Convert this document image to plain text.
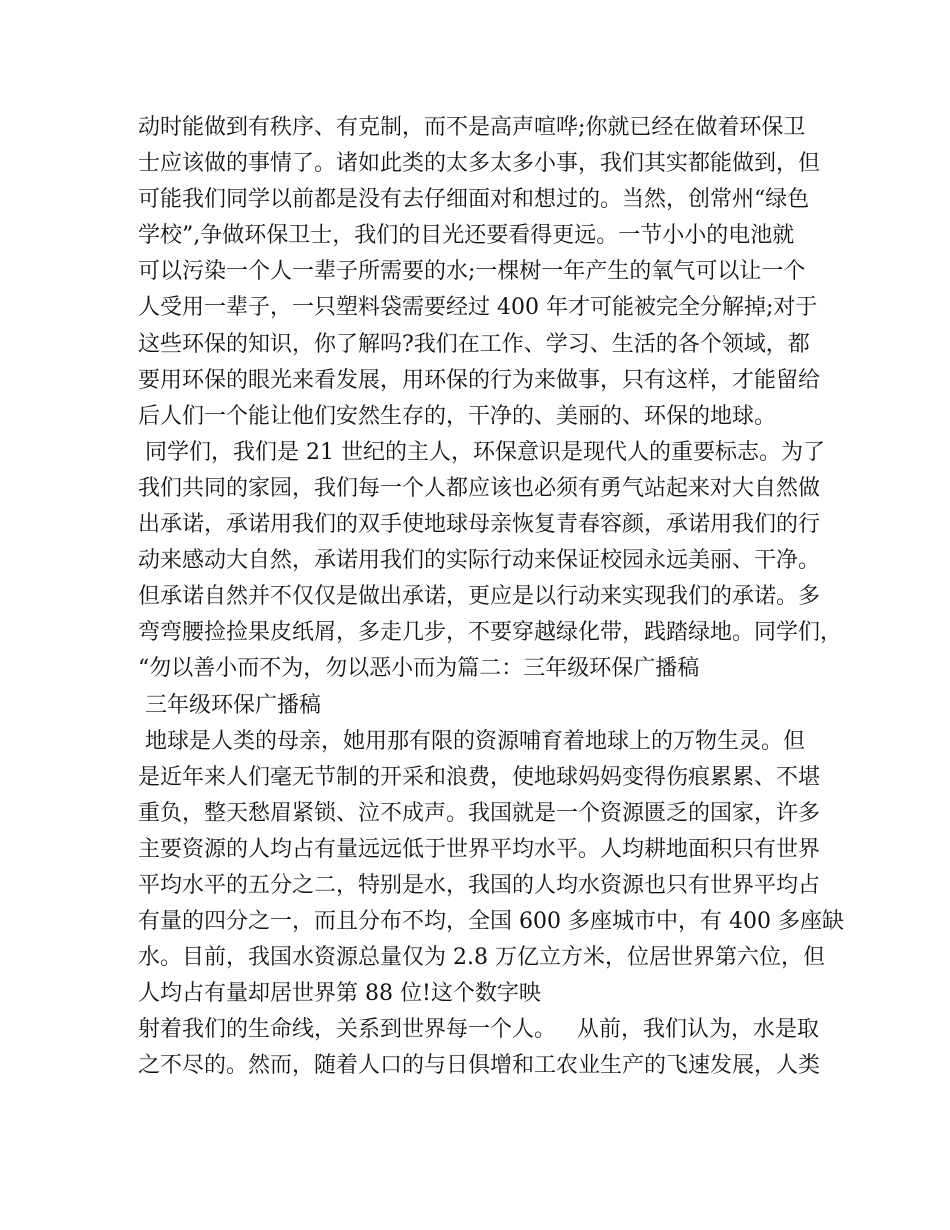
动时能做到有秩序、有克制，而不是高声喧哗;你就已经在做着环保卫
士应该做的事情了。诸如此类的太多太多小事，我们其实都能做到，但
可能我们同学以前都是没有去仔细面对和想过的。当然，创常州“绿色
学校”,争做环保卫士，我们的目光还要看得更远。一节小小的电池就
可以污染一个人一辈子所需要的水;一棵树一年产生的氧气可以让一个
人受用一辈子，一只塑料袋需要经过 400 年才可能被完全分解掉;对于
这些环保的知识，你了解吗?我们在工作、学习、生活的各个领域，都
要用环保的眼光来看发展，用环保的行为来做事，只有这样，才能留给
后人们一个能让他们安然生存的，干净的、美丽的、环保的地球。
同学们，我们是 21 世纪的主人，环保意识是现代人的重要标志。为了
我们共同的家园，我们每一个人都应该也必须有勇气站起来对大自然做
出承诺，承诺用我们的双手使地球母亲恢复青春容颜，承诺用我们的行
动来感动大自然，承诺用我们的实际行动来保证校园永远美丽、干净。
但承诺自然并不仅仅是做出承诺，更应是以行动来实现我们的承诺。多
弯弯腰捡捡果皮纸屑，多走几步，不要穿越绿化带，践踏绿地。同学们，
“勿以善小而不为，勿以恶小而为篇二：三年级环保广播稿
三年级环保广播稿
地球是人类的母亲，她用那有限的资源哺育着地球上的万物生灵。但
是近年来人们毫无节制的开采和浪费，使地球妈妈变得伤痕累累、不堪
重负，整天愁眉紧锁、泣不成声。我国就是一个资源匮乏的国家，许多
主要资源的人均占有量远远低于世界平均水平。人均耕地面积只有世界
平均水平的五分之二，特别是水，我国的人均水资源也只有世界平均占
有量的四分之一，而且分布不均，全国 600 多座城市中，有 400 多座缺
水。目前，我国水资源总量仅为 2.8 万亿立方米，位居世界第六位，但
人均占有量却居世界第 88 位!这个数字映
射着我们的生命线，关系到世界每一个人。   从前，我们认为，水是取
之不尽的。然而，随着人口的与日俱增和工农业生产的飞速发展，人类
